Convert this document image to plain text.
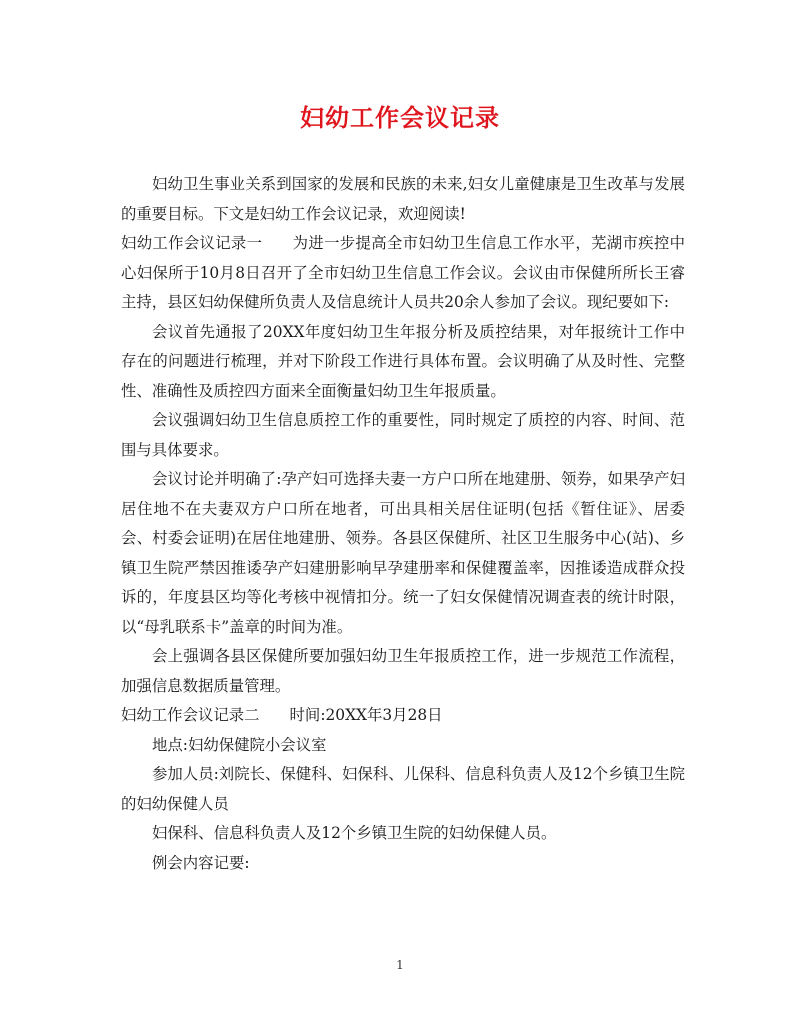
妇幼工作会议记录

妇幼卫生事业关系到国家的发展和民族的未来,妇女儿童健康是卫生改革与发展的重要目标。下文是妇幼工作会议记录，欢迎阅读!

妇幼工作会议记录一 为进一步提高全市妇幼卫生信息工作水平，芜湖市疾控中心妇保所于10月8日召开了全市妇幼卫生信息工作会议。会议由市保健所所长王睿主持，县区妇幼保健所负责人及信息统计人员共20余人参加了会议。现纪要如下:

会议首先通报了20XX年度妇幼卫生年报分析及质控结果，对年报统计工作中存在的问题进行梳理，并对下阶段工作进行具体布置。会议明确了从及时性、完整性、准确性及质控四方面来全面衡量妇幼卫生年报质量。

会议强调妇幼卫生信息质控工作的重要性，同时规定了质控的内容、时间、范围与具体要求。

会议讨论并明确了:孕产妇可选择夫妻一方户口所在地建册、领券，如果孕产妇居住地不在夫妻双方户口所在地者，可出具相关居住证明(包括《暂住证》、居委会、村委会证明)在居住地建册、领券。各县区保健所、社区卫生服务中心(站)、乡镇卫生院严禁因推诿孕产妇建册影响早孕建册率和保健覆盖率，因推诿造成群众投诉的，年度县区均等化考核中视情扣分。统一了妇女保健情况调查表的统计时限，以“母乳联系卡”盖章的时间为准。

会上强调各县区保健所要加强妇幼卫生年报质控工作，进一步规范工作流程，加强信息数据质量管理。

妇幼工作会议记录二 时间:20XX年3月28日

地点:妇幼保健院小会议室

参加人员:刘院长、保健科、妇保科、儿保科、信息科负责人及12个乡镇卫生院的妇幼保健人员

妇保科、信息科负责人及12个乡镇卫生院的妇幼保健人员。

例会内容记要:

1
